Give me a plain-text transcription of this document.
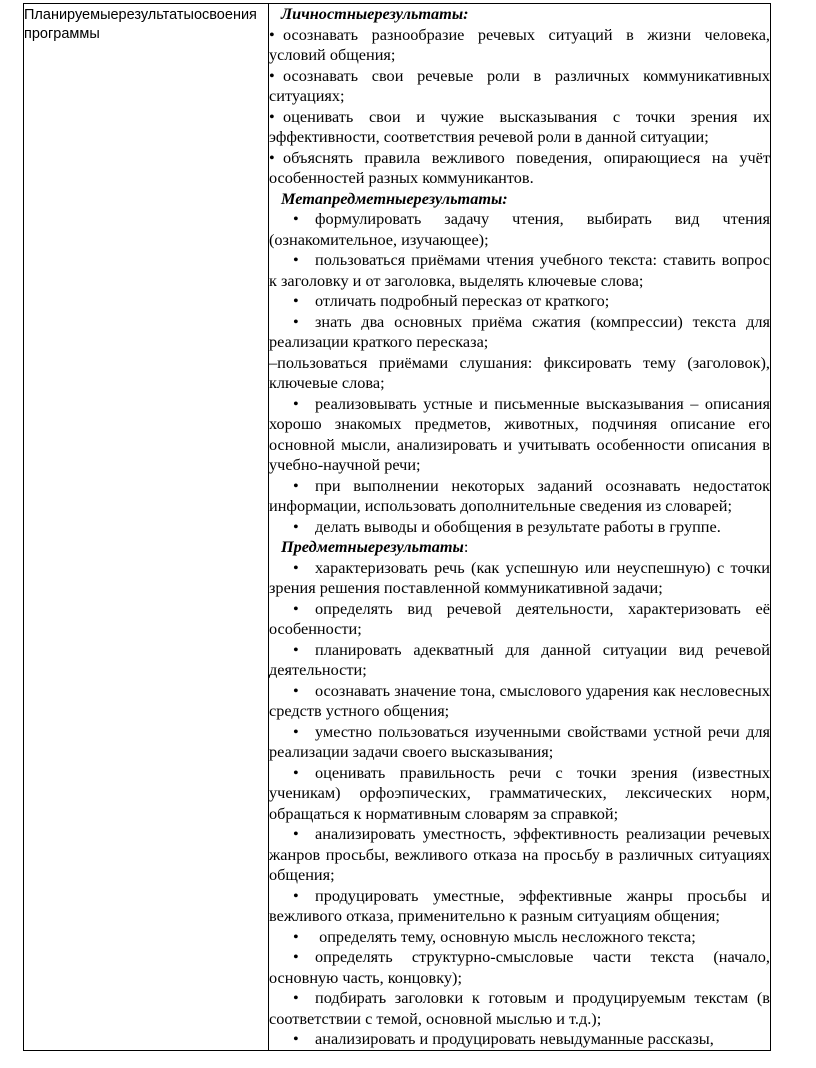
Планируемыерезультатыосвоения программы

Личностныерезультаты:
• осознавать разнообразие речевых ситуаций в жизни человека, условий общения;
• осознавать свои речевые роли в различных коммуникативных ситуациях;
• оценивать свои и чужие высказывания с точки зрения их эффективности, соответствия речевой роли в данной ситуации;
• объяснять правила вежливого поведения, опирающиеся на учёт особенностей разных коммуникантов.
Метапредметныерезультаты:
• формулировать задачу чтения, выбирать вид чтения (ознакомительное, изучающее);
• пользоваться приёмами чтения учебного текста: ставить вопрос к заголовку и от заголовка, выделять ключевые слова;
• отличать подробный пересказ от краткого;
• знать два основных приёма сжатия (компрессии) текста для реализации краткого пересказа;
–пользоваться приёмами слушания: фиксировать тему (заголовок), ключевые слова;
• реализовывать устные и письменные высказывания – описания хорошо знакомых предметов, животных, подчиняя описание его основной мысли, анализировать и учитывать особенности описания в учебно-научной речи;
• при выполнении некоторых заданий осознавать недостаток информации, использовать дополнительные сведения из словарей;
• делать выводы и обобщения в результате работы в группе.
Предметныерезультаты:
• характеризовать речь (как успешную или неуспешную) с точки зрения решения поставленной коммуникативной задачи;
• определять вид речевой деятельности, характеризовать её особенности;
• планировать адекватный для данной ситуации вид речевой деятельности;
• осознавать значение тона, смыслового ударения как несловесных средств устного общения;
• уместно пользоваться изученными свойствами устной речи для реализации задачи своего высказывания;
• оценивать правильность речи с точки зрения (известных ученикам) орфоэпических, грамматических, лексических норм, обращаться к нормативным словарям за справкой;
• анализировать уместность, эффективность реализации речевых жанров просьбы, вежливого отказа на просьбу в различных ситуациях общения;
• продуцировать уместные, эффективные жанры просьбы и вежливого отказа, применительно к разным ситуациям общения;
• определять тему, основную мысль несложного текста;
• определять структурно-смысловые части текста (начало, основную часть, концовку);
• подбирать заголовки к готовым и продуцируемым текстам (в соответствии с темой, основной мыслью и т.д.);
• анализировать и продуцировать невыдуманные рассказы,
